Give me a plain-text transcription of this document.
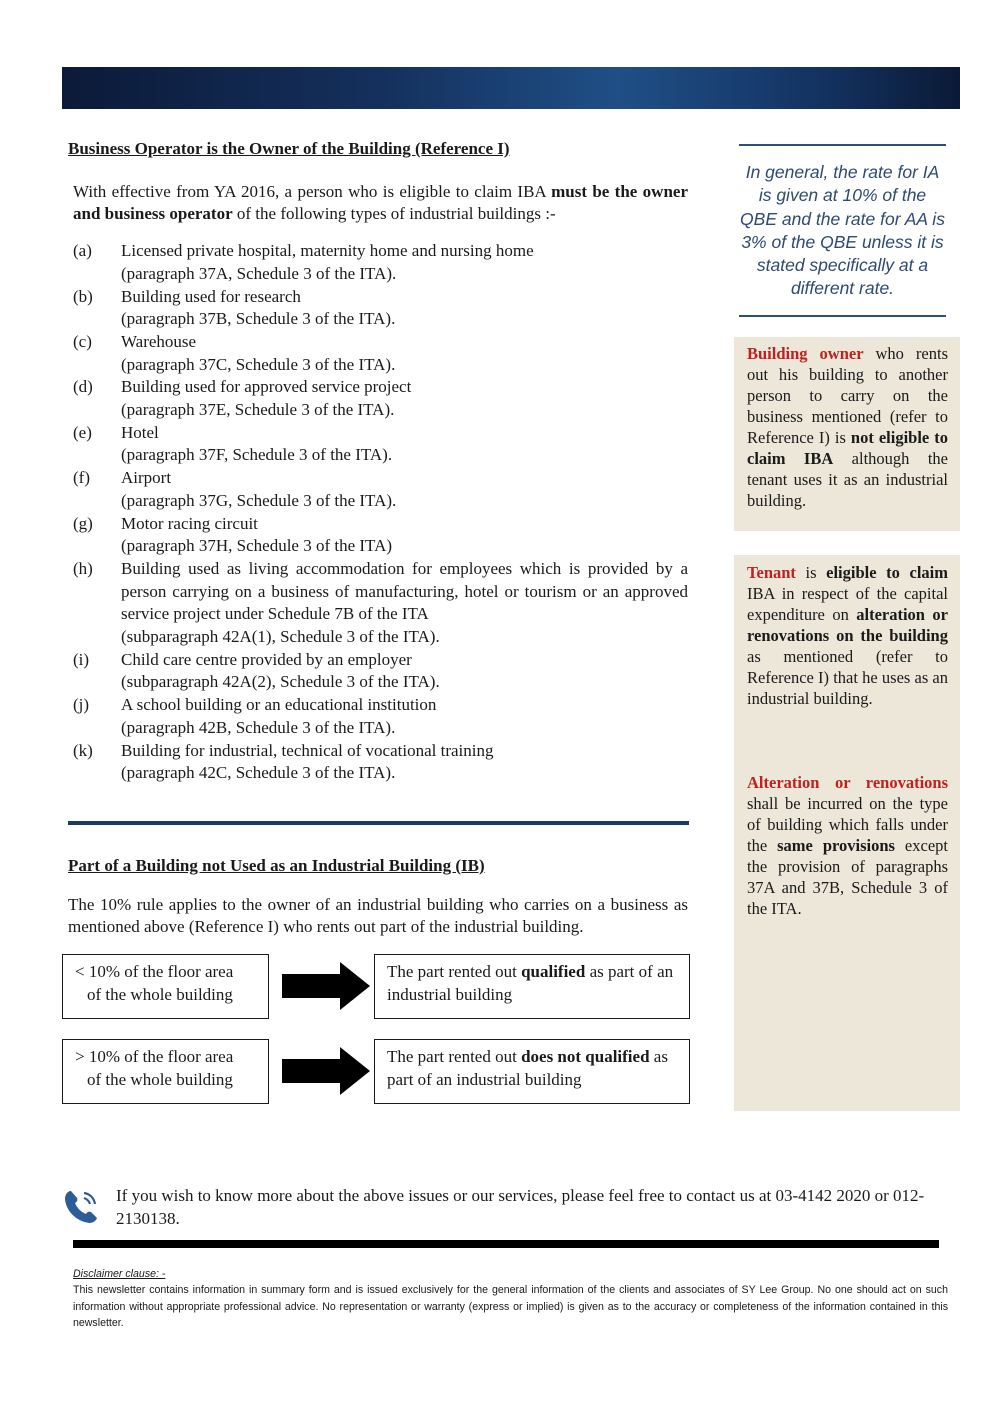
Business Operator is the Owner of the Building (Reference I)

With effective from YA 2016, a person who is eligible to claim IBA must be the owner and business operator of the following types of industrial buildings :-
(a)	Licensed private hospital, maternity home and nursing home
(paragraph 37A, Schedule 3 of the ITA).
(b)	Building used for research
(paragraph 37B, Schedule 3 of the ITA).
(c)	Warehouse
(paragraph 37C, Schedule 3 of the ITA).
(d)	Building used for approved service project
(paragraph 37E, Schedule 3 of the ITA).
(e)	Hotel
(paragraph 37F, Schedule 3 of the ITA).
(f)	Airport
(paragraph 37G, Schedule 3 of the ITA).
(g)	Motor racing circuit
(paragraph 37H, Schedule 3 of the ITA)
(h)	Building used as living accommodation for employees which is provided by a person carrying on a business of manufacturing, hotel or tourism or an approved service project under Schedule 7B of the ITA
(subparagraph 42A(1), Schedule 3 of the ITA).
(i)	Child care centre provided by an employer
(subparagraph 42A(2), Schedule 3 of the ITA).
(j)	A school building or an educational institution
(paragraph 42B, Schedule 3 of the ITA).
(k)	Building for industrial, technical of vocational training
(paragraph 42C, Schedule 3 of the ITA).

Part of a Building not Used as an Industrial Building (IB)

The 10% rule applies to the owner of an industrial building who carries on a business as mentioned above (Reference I) who rents out part of the industrial building.
< 10% of the floor area
of the whole building
The part rented out qualified as part of an industrial building
> 10% of the floor area
of the whole building
The part rented out does not qualified as part of an industrial building
In general, the rate for IA is given at 10% of the QBE and the rate for AA is 3% of the QBE unless it is stated specifically at a different rate.
Building owner who rents out his building to another person to carry on the business mentioned (refer to Reference I) is not eligible to claim IBA although the tenant uses it as an industrial building.
Tenant is eligible to claim IBA in respect of the capital expenditure on alteration or renovations on the building as mentioned (refer to Reference I) that he uses as an industrial building.
Alteration or renovations shall be incurred on the type of building which falls under the same provisions except the provision of paragraphs 37A and 37B, Schedule 3 of the ITA.
If you wish to know more about the above issues or our services, please feel free to contact us at 03-4142 2020 or 012-2130138.
Disclaimer clause: -
This newsletter contains information in summary form and is issued exclusively for the general information of the clients and associates of SY Lee Group. No one should act on such information without appropriate professional advice. No representation or warranty (express or implied) is given as to the accuracy or completeness of the information contained in this newsletter.
